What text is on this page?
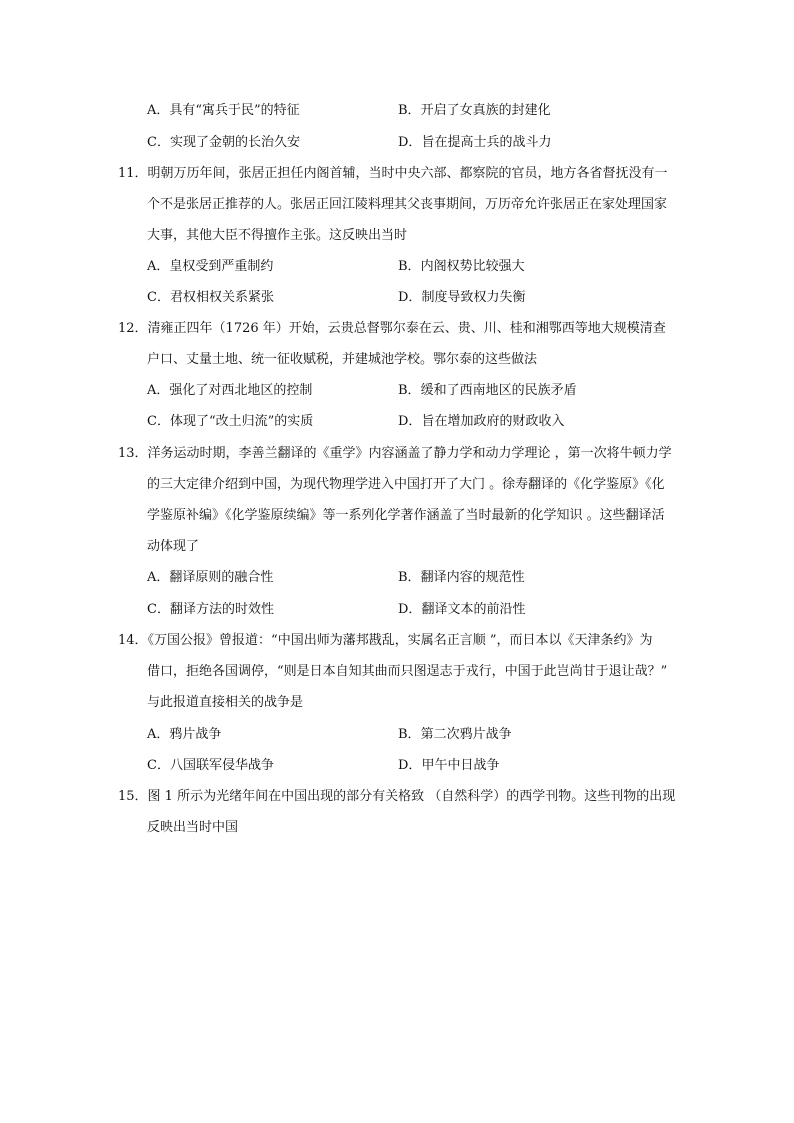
A．具有“寓兵于民”的特征	B．开启了女真族的封建化
C．实现了金朝的长治久安	D．旨在提高士兵的战斗力
11．明朝万历年间，张居正担任内阁首辅，当时中央六部、都察院的官员，地方各省督抚没有一
个不是张居正推荐的人。张居正回江陵料理其父丧事期间，万历帝允许张居正在家处理国家
大事，其他大臣不得擅作主张。这反映出当时
A．皇权受到严重制约	B．内阁权势比较强大
C．君权相权关系紧张	D．制度导致权力失衡
12．清雍正四年（1726 年）开始，云贵总督鄂尔泰在云、贵、川、桂和湘鄂西等地大规模清查
户口、丈量土地、统一征收赋税，并建城池学校。鄂尔泰的这些做法
A．强化了对西北地区的控制	B．缓和了西南地区的民族矛盾
C．体现了“改土归流”的实质	D．旨在增加政府的财政收入
13．洋务运动时期，李善兰翻译的《重学》内容涵盖了静力学和动力学理论 ，第一次将牛顿力学
的三大定律介绍到中国，为现代物理学进入中国打开了大门 。徐寿翻译的《化学鉴原》《化
学鉴原补编》《化学鉴原续编》等一系列化学著作涵盖了当时最新的化学知识 。这些翻译活
动体现了
A．翻译原则的融合性	B．翻译内容的规范性
C．翻译方法的时效性	D．翻译文本的前沿性
14．《万国公报》曾报道：“中国出师为藩邦戡乱，实属名正言顺 ”，而日本以《天津条约》为
借口，拒绝各国调停，“则是日本自知其曲而只图逞志于戎行，中国于此岂尚甘于退让哉？”
与此报道直接相关的战争是
A．鸦片战争	B．第二次鸦片战争
C．八国联军侵华战争	D．甲午中日战争
15．图 1 所示为光绪年间在中国出现的部分有关格致 （自然科学）的西学刊物。这些刊物的出现
反映出当时中国
